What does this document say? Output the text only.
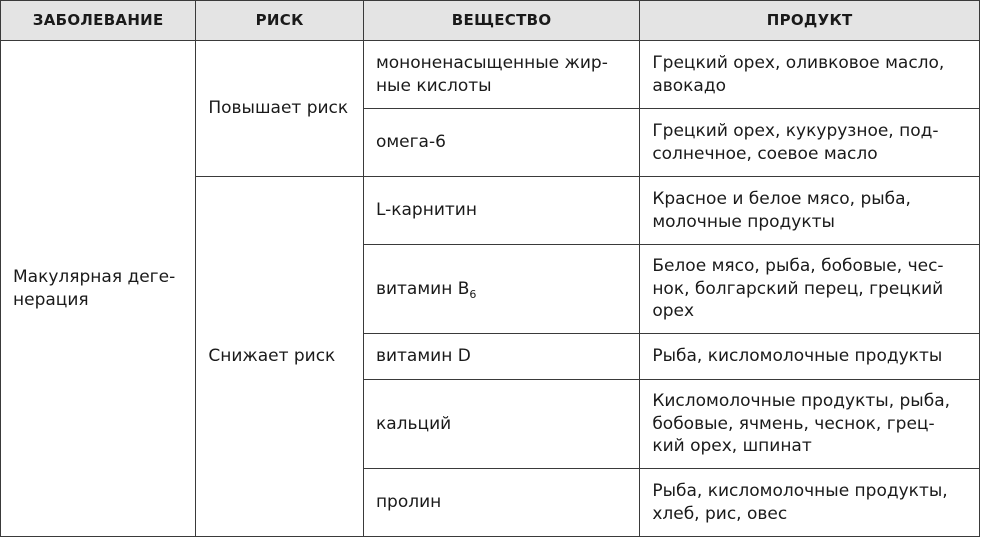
ЗАБОЛЕВАНИЕ	РИСК	ВЕЩЕСТВО	ПРОДУКТ
Макулярная деге-
нерация	Повышает риск	мононенасыщенные жир-
ные кислоты	Грецкий орех, оливковое масло,
авокадо
		омега-6	Грецкий орех, кукурузное, под-
солнечное, соевое масло
	Снижает риск	L-карнитин	Красное и белое мясо, рыба,
молочные продукты
		витамин $B_6$	Белое мясо, рыба, бобовые, чес-
нок, болгарский перец, грецкий
орех
		витамин D	Рыба, кисломолочные продукты
		кальций	Кисломолочные продукты, рыба,
бобовые, ячмень, чеснок, грец-
кий орех, шпинат
		пролин	Рыба, кисломолочные продукты,
хлеб, рис, овес
